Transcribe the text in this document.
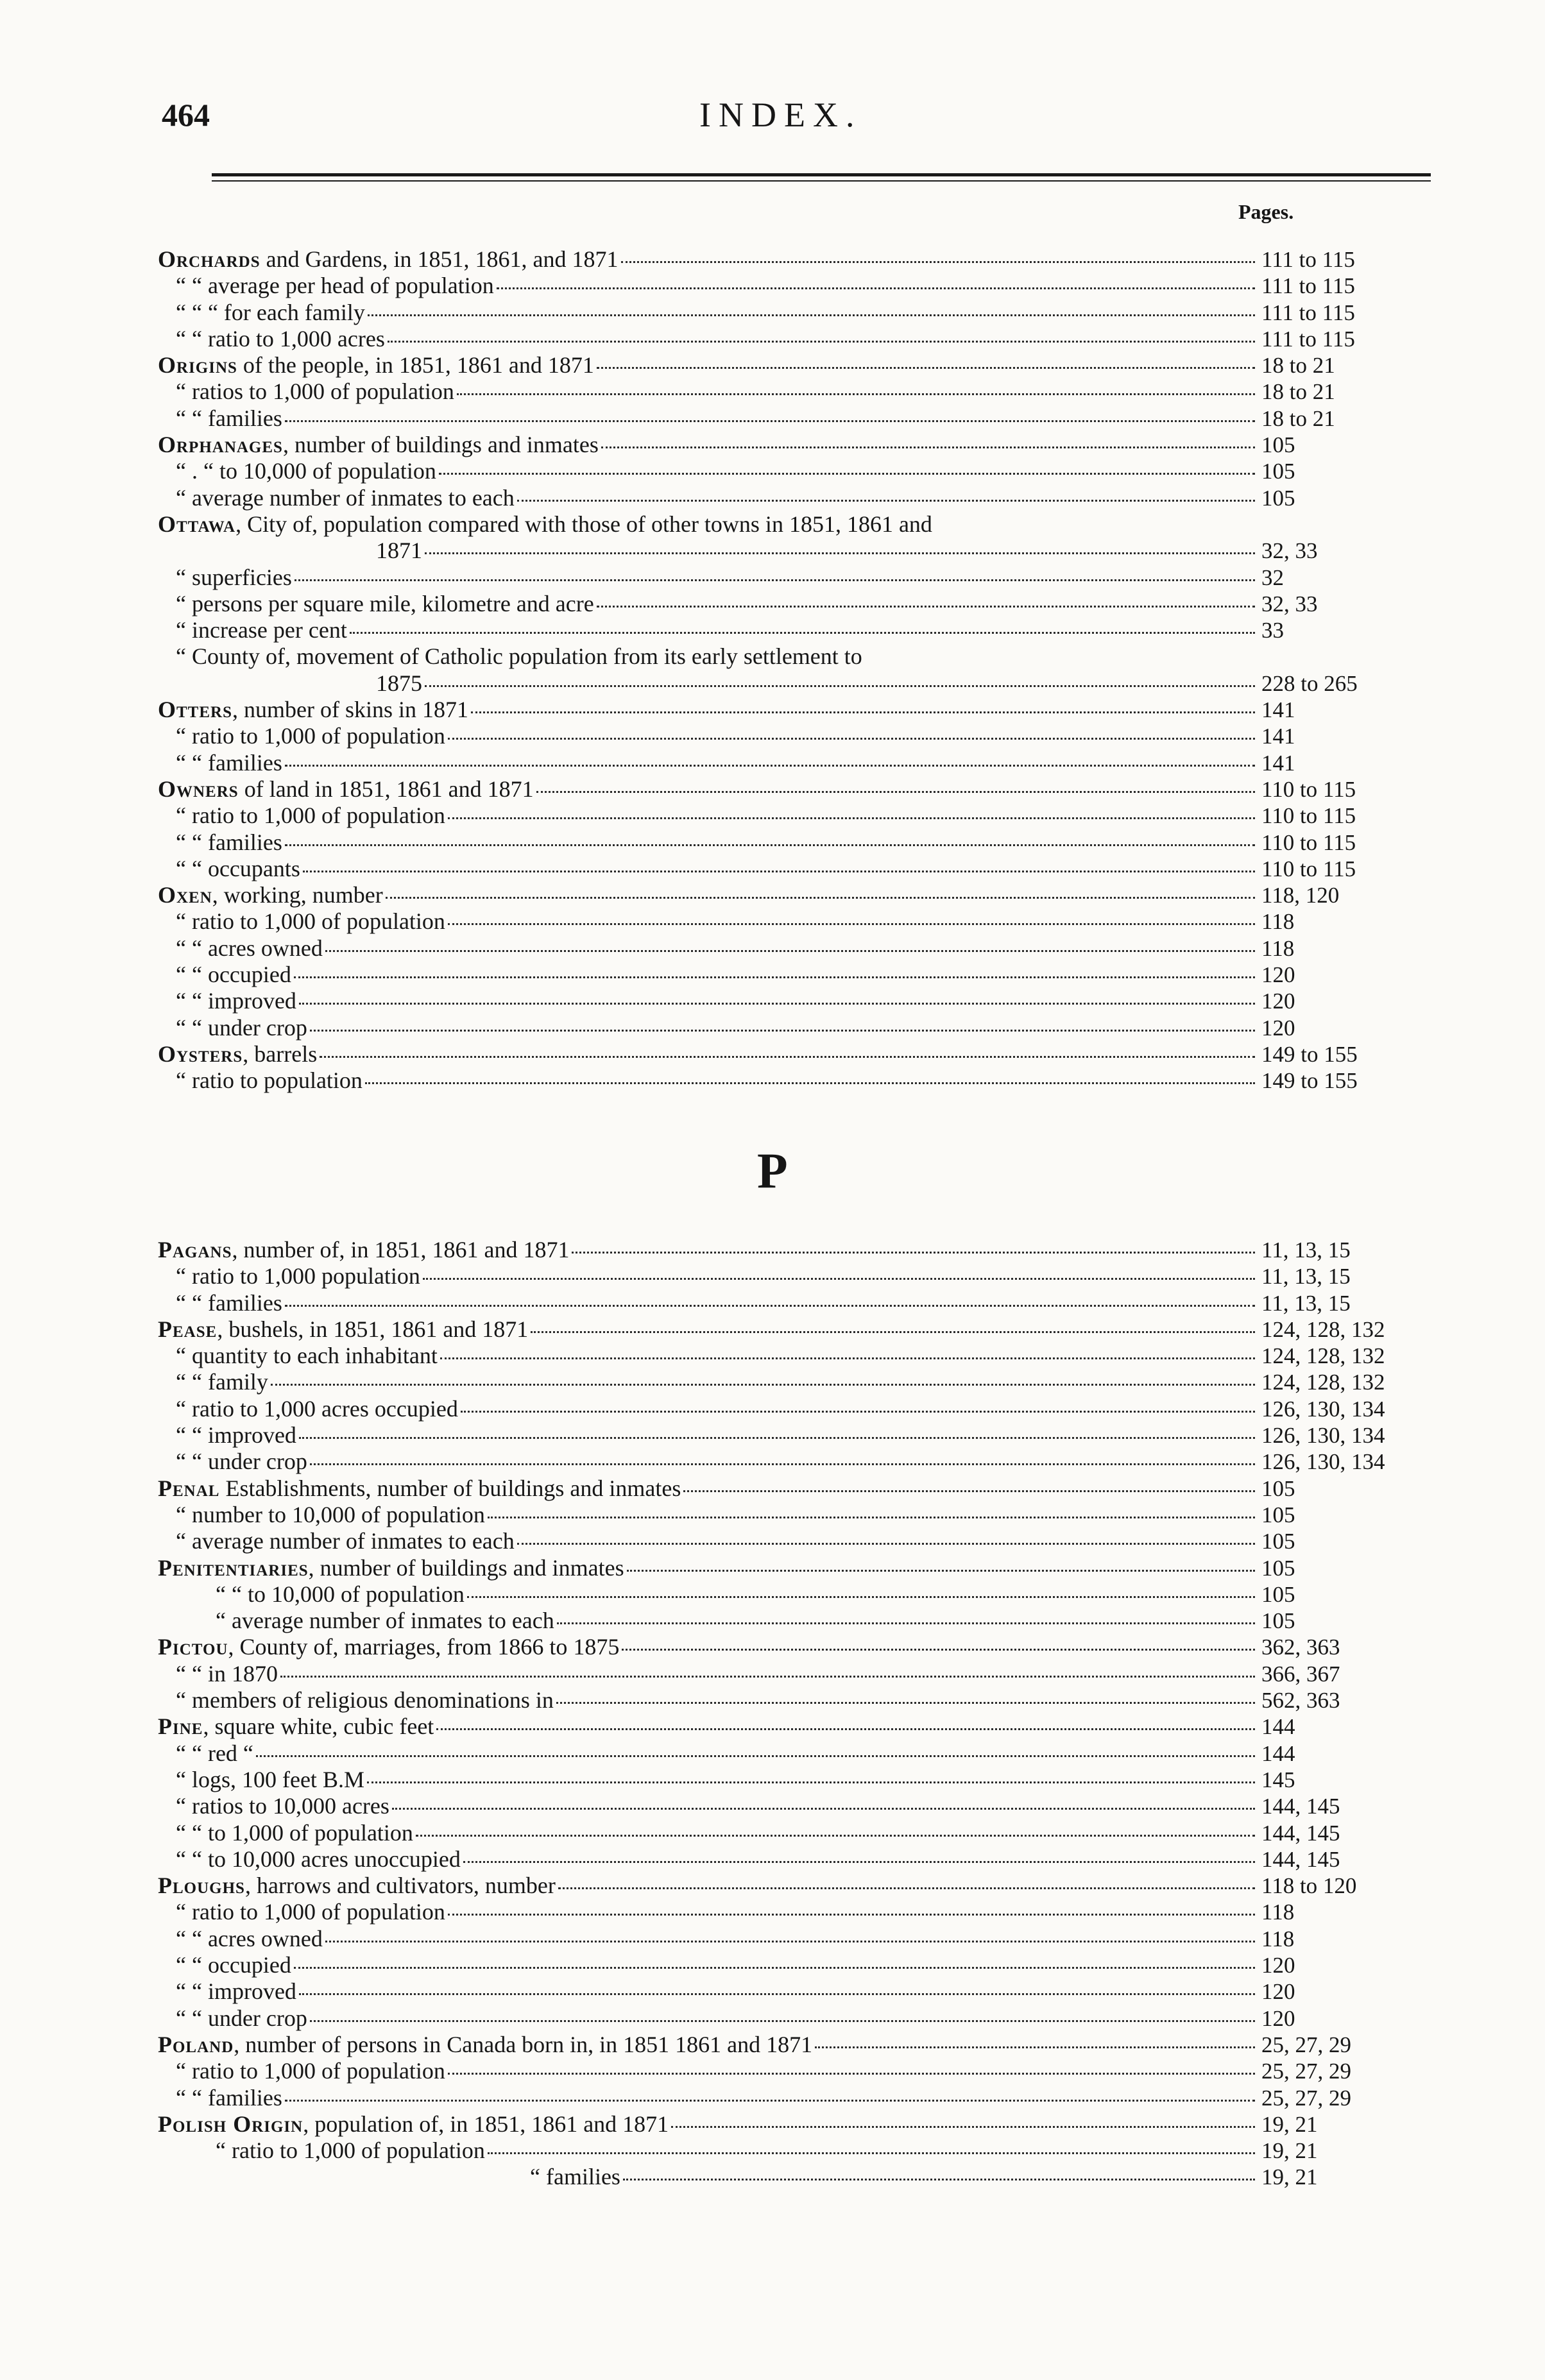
464	INDEX.
Pages.
Orchards and Gardens, in 1851, 1861, and 1871	111 to 115
“ “ average per head of population	111 to 115
“ “ “ for each family	111 to 115
“ “ ratio to 1,000 acres	111 to 115
Origins of the people, in 1851, 1861 and 1871	18 to 21
“ ratios to 1,000 of population	18 to 21
“ “ families	18 to 21
Orphanages, number of buildings and inmates	105
“ . “ to 10,000 of population	105
“ average number of inmates to each	105
Ottawa, City of, population compared with those of other towns in 1851, 1861 and
1871	32, 33
“ superficies	32
“ persons per square mile, kilometre and acre	32, 33
“ increase per cent	33
“ County of, movement of Catholic population from its early settlement to
1875	228 to 265
Otters, number of skins in 1871	141
“ ratio to 1,000 of population	141
“ “ families	141
Owners of land in 1851, 1861 and 1871	110 to 115
“ ratio to 1,000 of population	110 to 115
“ “ families	110 to 115
“ “ occupants	110 to 115
Oxen, working, number	118, 120
“ ratio to 1,000 of population	118
“ “ acres owned	118
“ “ occupied	120
“ “ improved	120
“ “ under crop	120
Oysters, barrels	149 to 155
“ ratio to population	149 to 155
P
Pagans, number of, in 1851, 1861 and 1871	11, 13, 15
“ ratio to 1,000 population	11, 13, 15
“ “ families	11, 13, 15
Pease, bushels, in 1851, 1861 and 1871	124, 128, 132
“ quantity to each inhabitant	124, 128, 132
“ “ family	124, 128, 132
“ ratio to 1,000 acres occupied	126, 130, 134
“ “ improved	126, 130, 134
“ “ under crop	126, 130, 134
Penal Establishments, number of buildings and inmates	105
“ number to 10,000 of population	105
“ average number of inmates to each	105
Penitentiaries, number of buildings and inmates	105
“ “ to 10,000 of population	105
“ average number of inmates to each	105
Pictou, County of, marriages, from 1866 to 1875	362, 363
“ “ in 1870	366, 367
“ members of religious denominations in	562, 363
Pine, square white, cubic feet	144
“ “ red “	144
“ logs, 100 feet B.M	145
“ ratios to 10,000 acres	144, 145
“ “ to 1,000 of population	144, 145
“ “ to 10,000 acres unoccupied	144, 145
Ploughs, harrows and cultivators, number	118 to 120
“ ratio to 1,000 of population	118
“ “ acres owned	118
“ “ occupied	120
“ “ improved	120
“ “ under crop	120
Poland, number of persons in Canada born in, in 1851 1861 and 1871	25, 27, 29
“ ratio to 1,000 of population	25, 27, 29
“ “ families	25, 27, 29
Polish Origin, population of, in 1851, 1861 and 1871	19, 21
“ ratio to 1,000 of population	19, 21
“ families	19, 21
